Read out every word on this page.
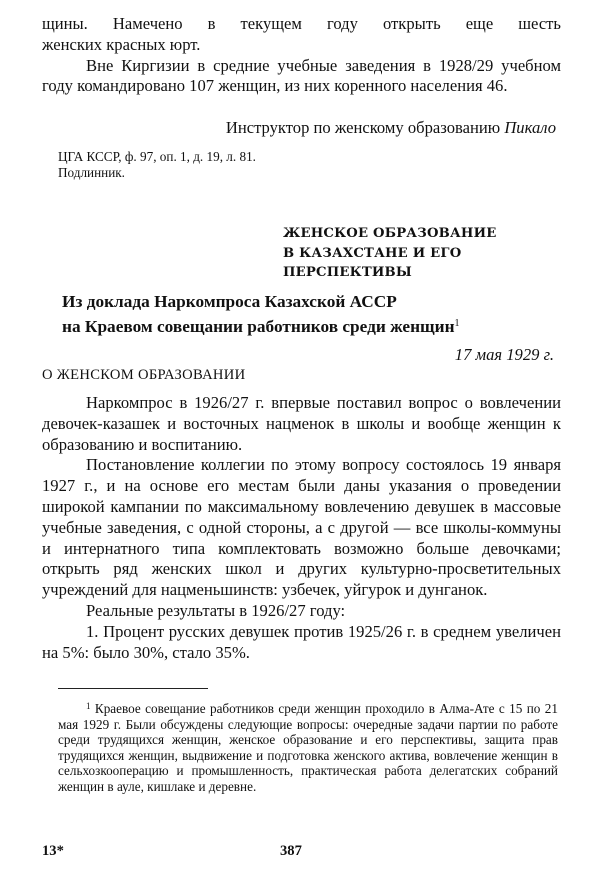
щины. Намечено в текущем году открыть еще шесть

женских красных юрт.

Вне Киргизии в средние учебные заведения в 1928/29 учебном году командировано 107 женщин, из них коренного населения 46.

Инструктор по женскому образованию Пикало
ЦГА КССР, ф. 97, оп. 1, д. 19, л. 81.
Подлинник.
ЖЕНСКОЕ ОБРАЗОВАНИЕ
В КАЗАХСТАНЕ И ЕГО
ПЕРСПЕКТИВЫ
Из доклада Наркомпроса Казахской АССР
на Краевом совещании работников среди женщин$^1$
17 мая 1929 г.
О ЖЕНСКОМ ОБРАЗОВАНИИ

Наркомпрос в 1926/27 г. впервые поставил вопрос о вовлечении девочек-казашек и восточных нацменок в школы и вообще женщин к образованию и воспитанию.

Постановление коллегии по этому вопросу состоялось 19 января 1927 г., и на основе его местам были даны указания о проведении широкой кампании по максимальному вовлечению девушек в массовые учебные заведения, с одной стороны, а с другой — все школы-коммуны и интернатного типа комплектовать возможно больше девочками; открыть ряд женских школ и других культурно-просветительных учреждений для нацменьшинств: узбечек, уйгурок и дунганок.

Реальные результаты в 1926/27 году:

1. Процент русских девушек против 1925/26 г. в среднем увеличен на 5%: было 30%, стало 35%.

$^1$ Краевое совещание работников среди женщин проходило в Алма-Ате с 15 по 21 мая 1929 г. Были обсуждены следующие вопросы: очередные задачи партии по работе среди трудящихся женщин, женское образование и его перспективы, защита прав трудящихся женщин, выдвижение и подготовка женского актива, вовлечение женщин в сельхозкооперацию и промышленность, практическая работа делегатских собраний женщин в ауле, кишлаке и деревне.
13*	387
